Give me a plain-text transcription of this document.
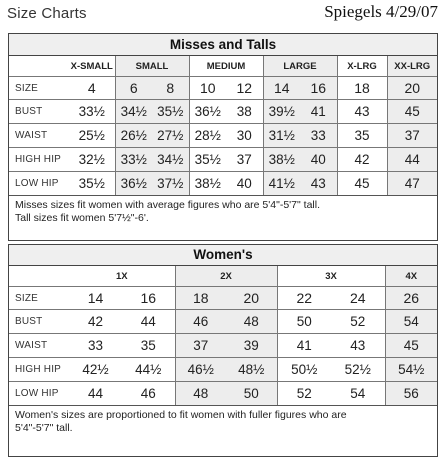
Size Charts	Spiegels 4/29/07
Misses and Talls
	X-SMALL	SMALL		MEDIUM		LARGE		X-LRG	XX-LRG
SIZE	4	6	8	10	12	14	16	18	20
BUST	33½	34½	35½	36½	38	39½	41	43	45
WAIST	25½	26½	27½	28½	30	31½	33	35	37
HIGH HIP	32½	33½	34½	35½	37	38½	40	42	44
LOW HIP	35½	36½	37½	38½	40	41½	43	45	47
Misses sizes fit women with average figures who are 5'4"-5'7" tall.
Tall sizes fit women 5'7½"-6'.
Women's
	1X		2X		3X		4X
SIZE	14	16	18	20	22	24	26
BUST	42	44	46	48	50	52	54
WAIST	33	35	37	39	41	43	45
HIGH HIP	42½	44½	46½	48½	50½	52½	54½
LOW HIP	44	46	48	50	52	54	56
Women's sizes are proportioned to fit women with fuller figures who are
5'4"-5'7" tall.
